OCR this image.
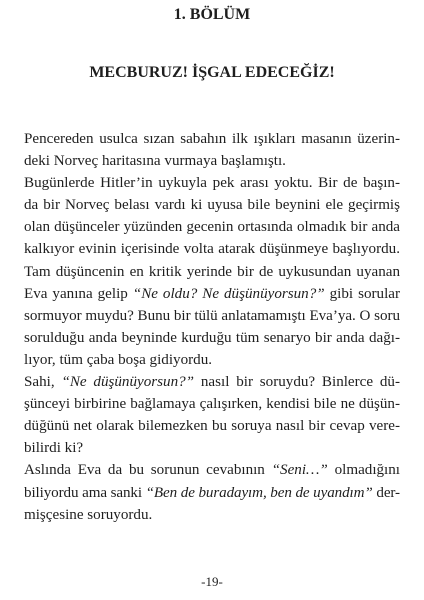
1. BÖLÜM
MECBURUZ! İŞGAL EDECEĞİZ!

Pencereden usulca sızan sabahın ilk ışıkları masanın üzerin-
deki Norveç haritasına vurmaya başlamıştı.

Bugünlerde Hitler’in uykuyla pek arası yoktu. Bir de başın-
da bir Norveç belası vardı ki uyusa bile beynini ele geçirmiş
olan düşünceler yüzünden gecenin ortasında olmadık bir anda
kalkıyor evinin içerisinde volta atarak düşünmeye başlıyordu.
Tam düşüncenin en kritik yerinde bir de uykusundan uyanan
Eva yanına gelip “Ne oldu? Ne düşünüyorsun?” gibi sorular
sormuyor muydu? Bunu bir tülü anlatamamıştı Eva’ya. O soru
sorulduğu anda beyninde kurduğu tüm senaryo bir anda dağı-
lıyor, tüm çaba boşa gidiyordu.

Sahi, “Ne düşünüyorsun?” nasıl bir soruydu? Binlerce dü-
şünceyi birbirine bağlamaya çalışırken, kendisi bile ne düşün-
düğünü net olarak bilemezken bu soruya nasıl bir cevap vere-
bilirdi ki?

Aslında Eva da bu sorunun cevabının “Seni…” olmadığını
biliyordu ama sanki “Ben de buradayım, ben de uyandım” der-
mişçesine soruyordu.

-19-
